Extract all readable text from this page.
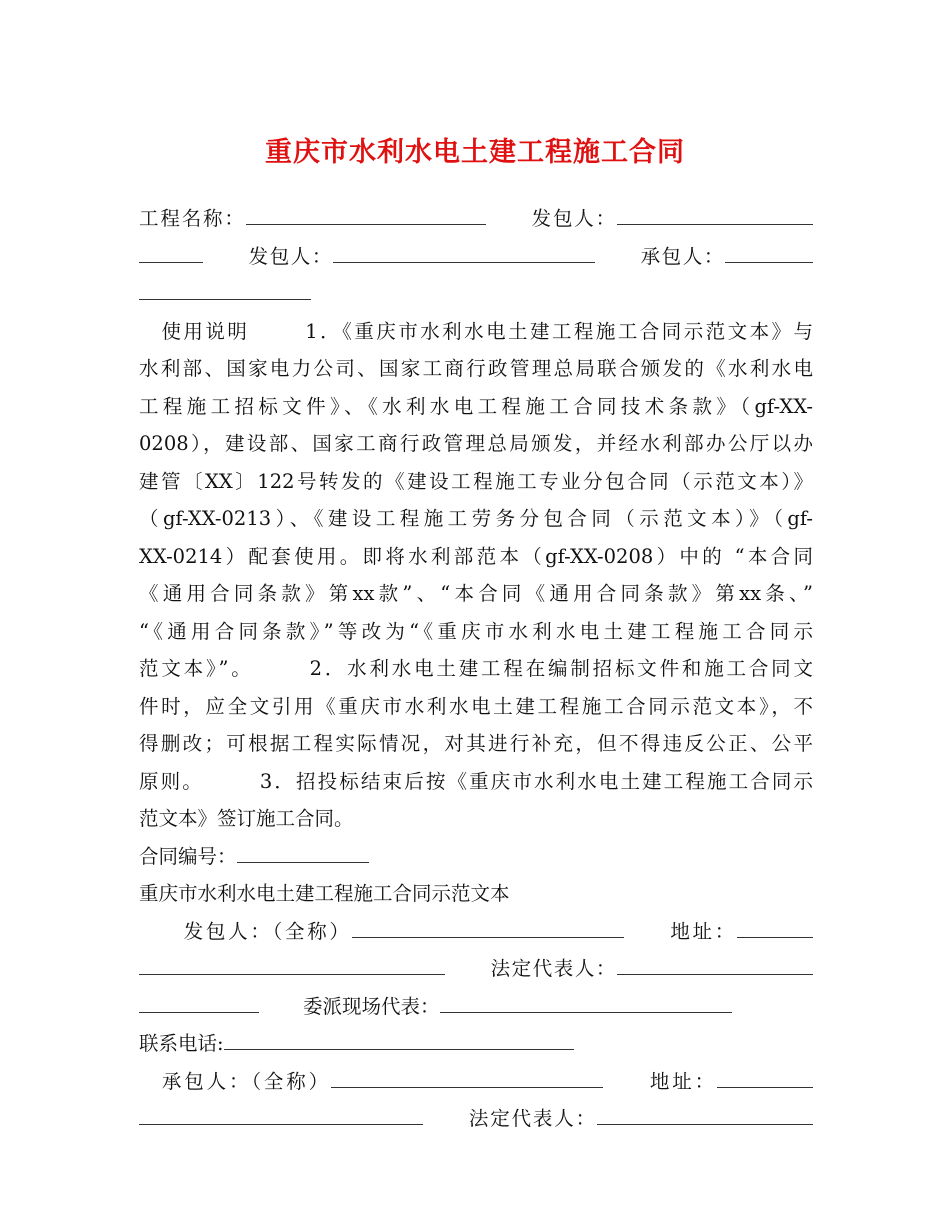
重庆市水利水电土建工程施工合同
工程名称：	发包人：
发包人：	承包人：
使用说明	1．《重庆市水利水电土建工程施工合同示范文本》与
水利部、国家电力公司、国家工商行政管理总局联合颁发的《水利水电
工程施工招标文件》、《水利水电工程施工合同技术条款》（gf-XX-
0208），建设部、国家工商行政管理总局颁发，并经水利部办公厅以办
建管〔XX〕122号转发的《建设工程施工专业分包合同（示范文本）》
（gf-XX-0213）、《建设工程施工劳务分包合同（示范文本）》（gf-
XX-0214）配套使用。即将水利部范本（gf-XX-0208）中的 “本合同
《通用合同条款》第xx款”、“本合同《通用合同条款》第xx条、”
“《通用合同条款》”等改为“《重庆市水利水电土建工程施工合同示
范文本》”。	2．水利水电土建工程在编制招标文件和施工合同文
件时，应全文引用《重庆市水利水电土建工程施工合同示范文本》，不
得删改；可根据工程实际情况，对其进行补充，但不得违反公正、公平
原则。	3．招投标结束后按《重庆市水利水电土建工程施工合同示
范文本》签订施工合同。
合同编号：
重庆市水利水电土建工程施工合同示范文本
发包人：（全称）	地址：
法定代表人：
委派现场代表：
联系电话:
承包人：（全称）	地址：
法定代表人：
